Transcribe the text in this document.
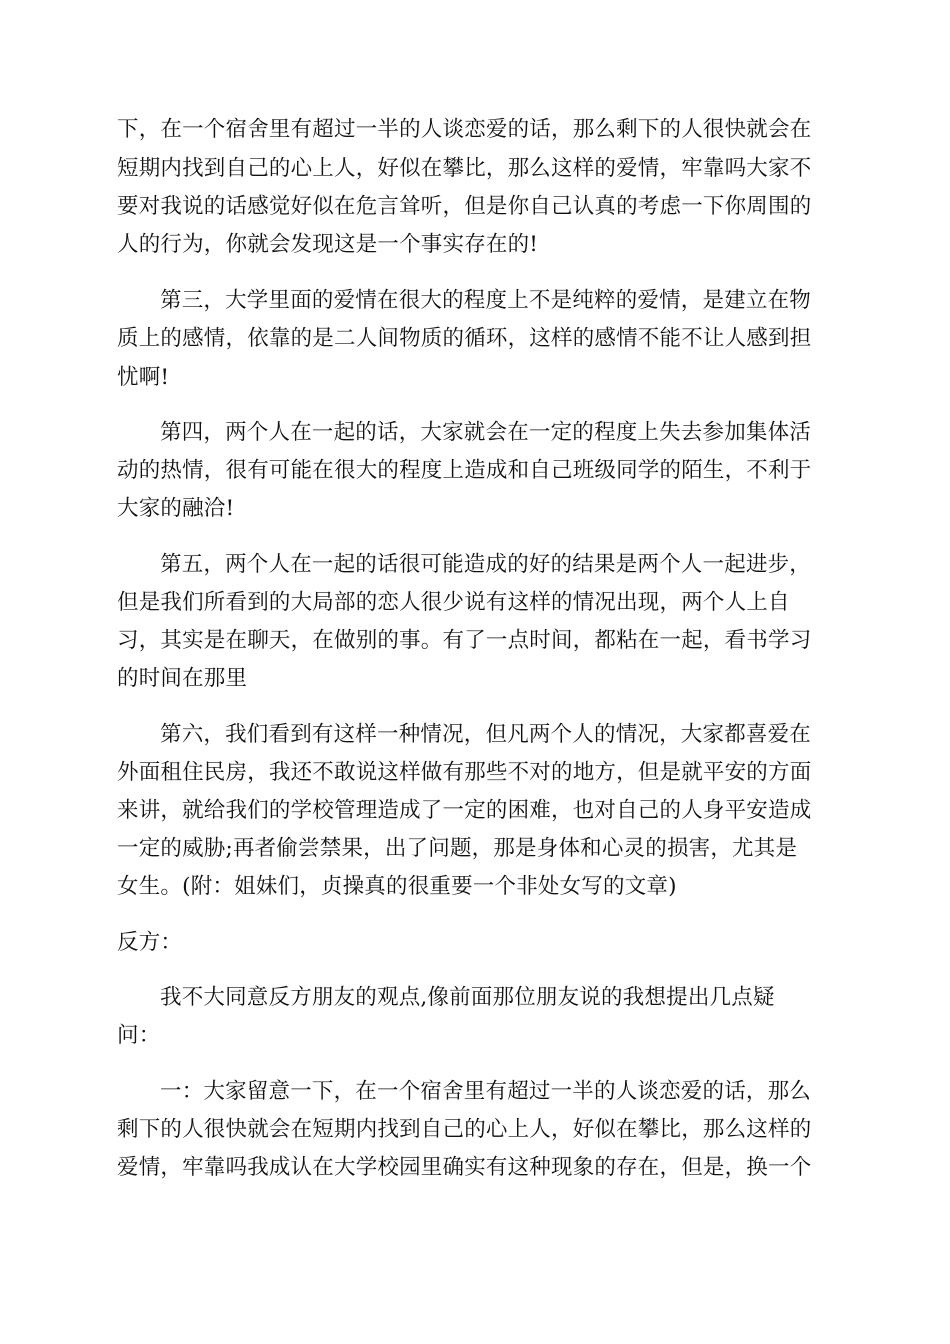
下，在一个宿舍里有超过一半的人谈恋爱的话，那么剩下的人很快就会在
短期内找到自己的心上人，好似在攀比，那么这样的爱情，牢靠吗大家不
要对我说的话感觉好似在危言耸听，但是你自己认真的考虑一下你周围的
人的行为，你就会发现这是一个事实存在的!
第三，大学里面的爱情在很大的程度上不是纯粹的爱情，是建立在物
质上的感情，依靠的是二人间物质的循环，这样的感情不能不让人感到担
忧啊!
第四，两个人在一起的话，大家就会在一定的程度上失去参加集体活
动的热情，很有可能在很大的程度上造成和自己班级同学的陌生，不利于
大家的融洽!
第五，两个人在一起的话很可能造成的好的结果是两个人一起进步，
但是我们所看到的大局部的恋人很少说有这样的情况出现，两个人上自
习，其实是在聊天，在做别的事。有了一点时间，都粘在一起，看书学习
的时间在那里
第六，我们看到有这样一种情况，但凡两个人的情况，大家都喜爱在
外面租住民房，我还不敢说这样做有那些不对的地方，但是就平安的方面
来讲，就给我们的学校管理造成了一定的困难，也对自己的人身平安造成
一定的威胁;再者偷尝禁果，出了问题，那是身体和心灵的损害，尤其是
女生。(附：姐妹们，贞操真的很重要一个非处女写的文章)
反方：
我不大同意反方朋友的观点,像前面那位朋友说的我想提出几点疑
问：
一：大家留意一下，在一个宿舍里有超过一半的人谈恋爱的话，那么
剩下的人很快就会在短期内找到自己的心上人，好似在攀比，那么这样的
爱情，牢靠吗我成认在大学校园里确实有这种现象的存在，但是，换一个
